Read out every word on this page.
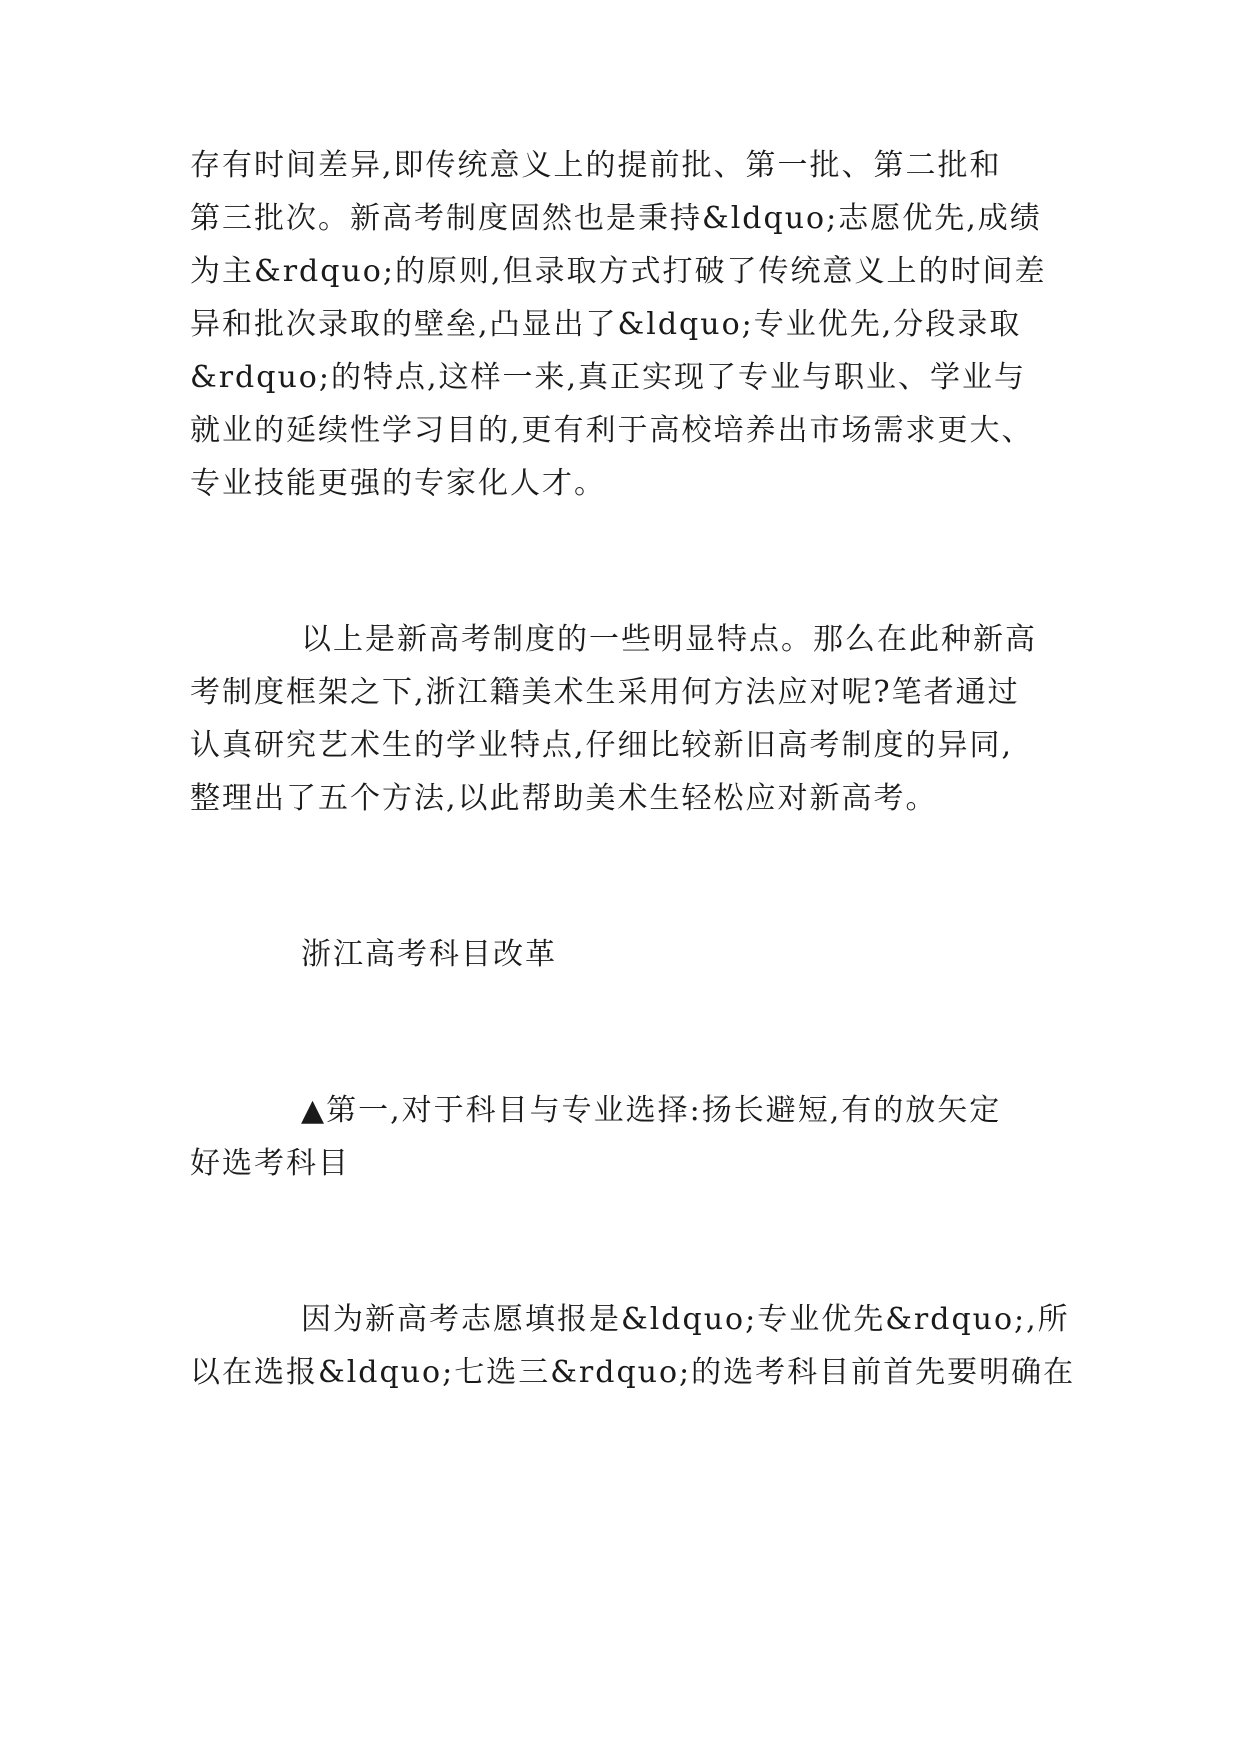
存有时间差异,即传统意义上的提前批、第一批、第二批和
第三批次。新高考制度固然也是秉持&ldquo;志愿优先,成绩
为主&rdquo;的原则,但录取方式打破了传统意义上的时间差
异和批次录取的壁垒,凸显出了&ldquo;专业优先,分段录取
&rdquo;的特点,这样一来,真正实现了专业与职业、学业与
就业的延续性学习目的,更有利于高校培养出市场需求更大、
专业技能更强的专家化人才。
以上是新高考制度的一些明显特点。那么在此种新高
考制度框架之下,浙江籍美术生采用何方法应对呢?笔者通过
认真研究艺术生的学业特点,仔细比较新旧高考制度的异同,
整理出了五个方法,以此帮助美术生轻松应对新高考。
浙江高考科目改革
▲第一,对于科目与专业选择:扬长避短,有的放矢定
好选考科目
因为新高考志愿填报是&ldquo;专业优先&rdquo;,所
以在选报&ldquo;七选三&rdquo;的选考科目前首先要明确在
